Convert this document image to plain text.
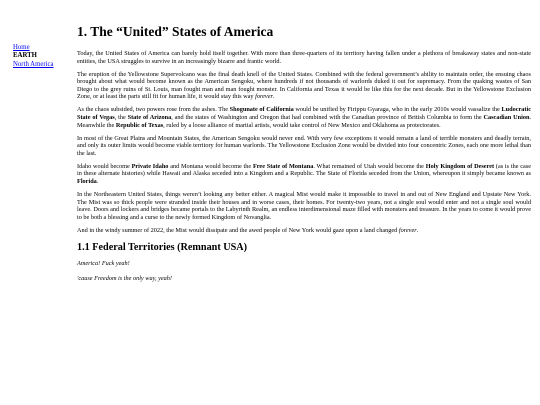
Home
EARTH
North America
1. The “United” States of America

Today, the United States of America can barely hold itself together. With more than three-quarters of its territory having fallen under a plethora of breakaway states and non-state entities, the USA struggles to survive in an increasingly bizarre and frantic world.

The eruption of the Yellowstone Supervolcano was the final death knell of the United States. Combined with the federal government’s ability to maintain order, the ensuing chaos brought about what would become known as the American Sengoku, where hundreds if not thousands of warlords duked it out for supremacy. From the quaking wastes of San Diego to the grey ruins of St. Louis, man fought man and man fought monster. In California and Texas it would be like this for the next decade. But in the Yellowstone Exclusion Zone, or at least the parts still fit for human life, it would stay this way forever.

As the chaos subsided, two powers rose from the ashes. The Shogunate of California would be unified by Firippu Gyaraga, who in the early 2010s would vassalize the Ludocratic State of Vegas, the State of Arizona, and the states of Washington and Oregon that had combined with the Canadian province of British Columbia to form the Cascadian Union. Meanwhile the Republic of Texas, ruled by a loose alliance of martial artists, would take control of New Mexico and Oklahoma as protectorates.

In most of the Great Plains and Mountain States, the American Sengoku would never end. With very few exceptions it would remain a land of terrible monsters and deadly terrain, and only its outer limits would become viable territory for human warlords. The Yellowstone Exclusion Zone would be divided into four concentric Zones, each one more lethal than the last.

Idaho would become Private Idaho and Montana would become the Free State of Montana. What remained of Utah would become the Holy Kingdom of Deseret (as is the case in these alternate histories) while Hawaii and Alaska seceded into a Kingdom and a Republic. The State of Florida seceded from the Union, whereupon it simply became known as Florida.

In the Northeastern United States, things weren’t looking any better either. A magical Mist would make it impossible to travel in and out of New England and Upstate New York. The Mist was so thick people were stranded inside their houses and in worse cases, their homes. For twenty-two years, not a single soul would enter and not a single soul would leave. Doors and lockers and bridges became portals to the Labyrinth Realm, an endless interdimensional maze filled with monsters and treasure. In the years to come it would prove to be both a blessing and a curse to the newly formed Kingdom of Novanglia.

And in the windy summer of 2022, the Mist would dissipate and the awed people of New York would gaze upon a land changed forever.

1.1 Federal Territories (Remnant USA)

America! Fuck yeah!

'cause Freedom is the only way, yeah!
